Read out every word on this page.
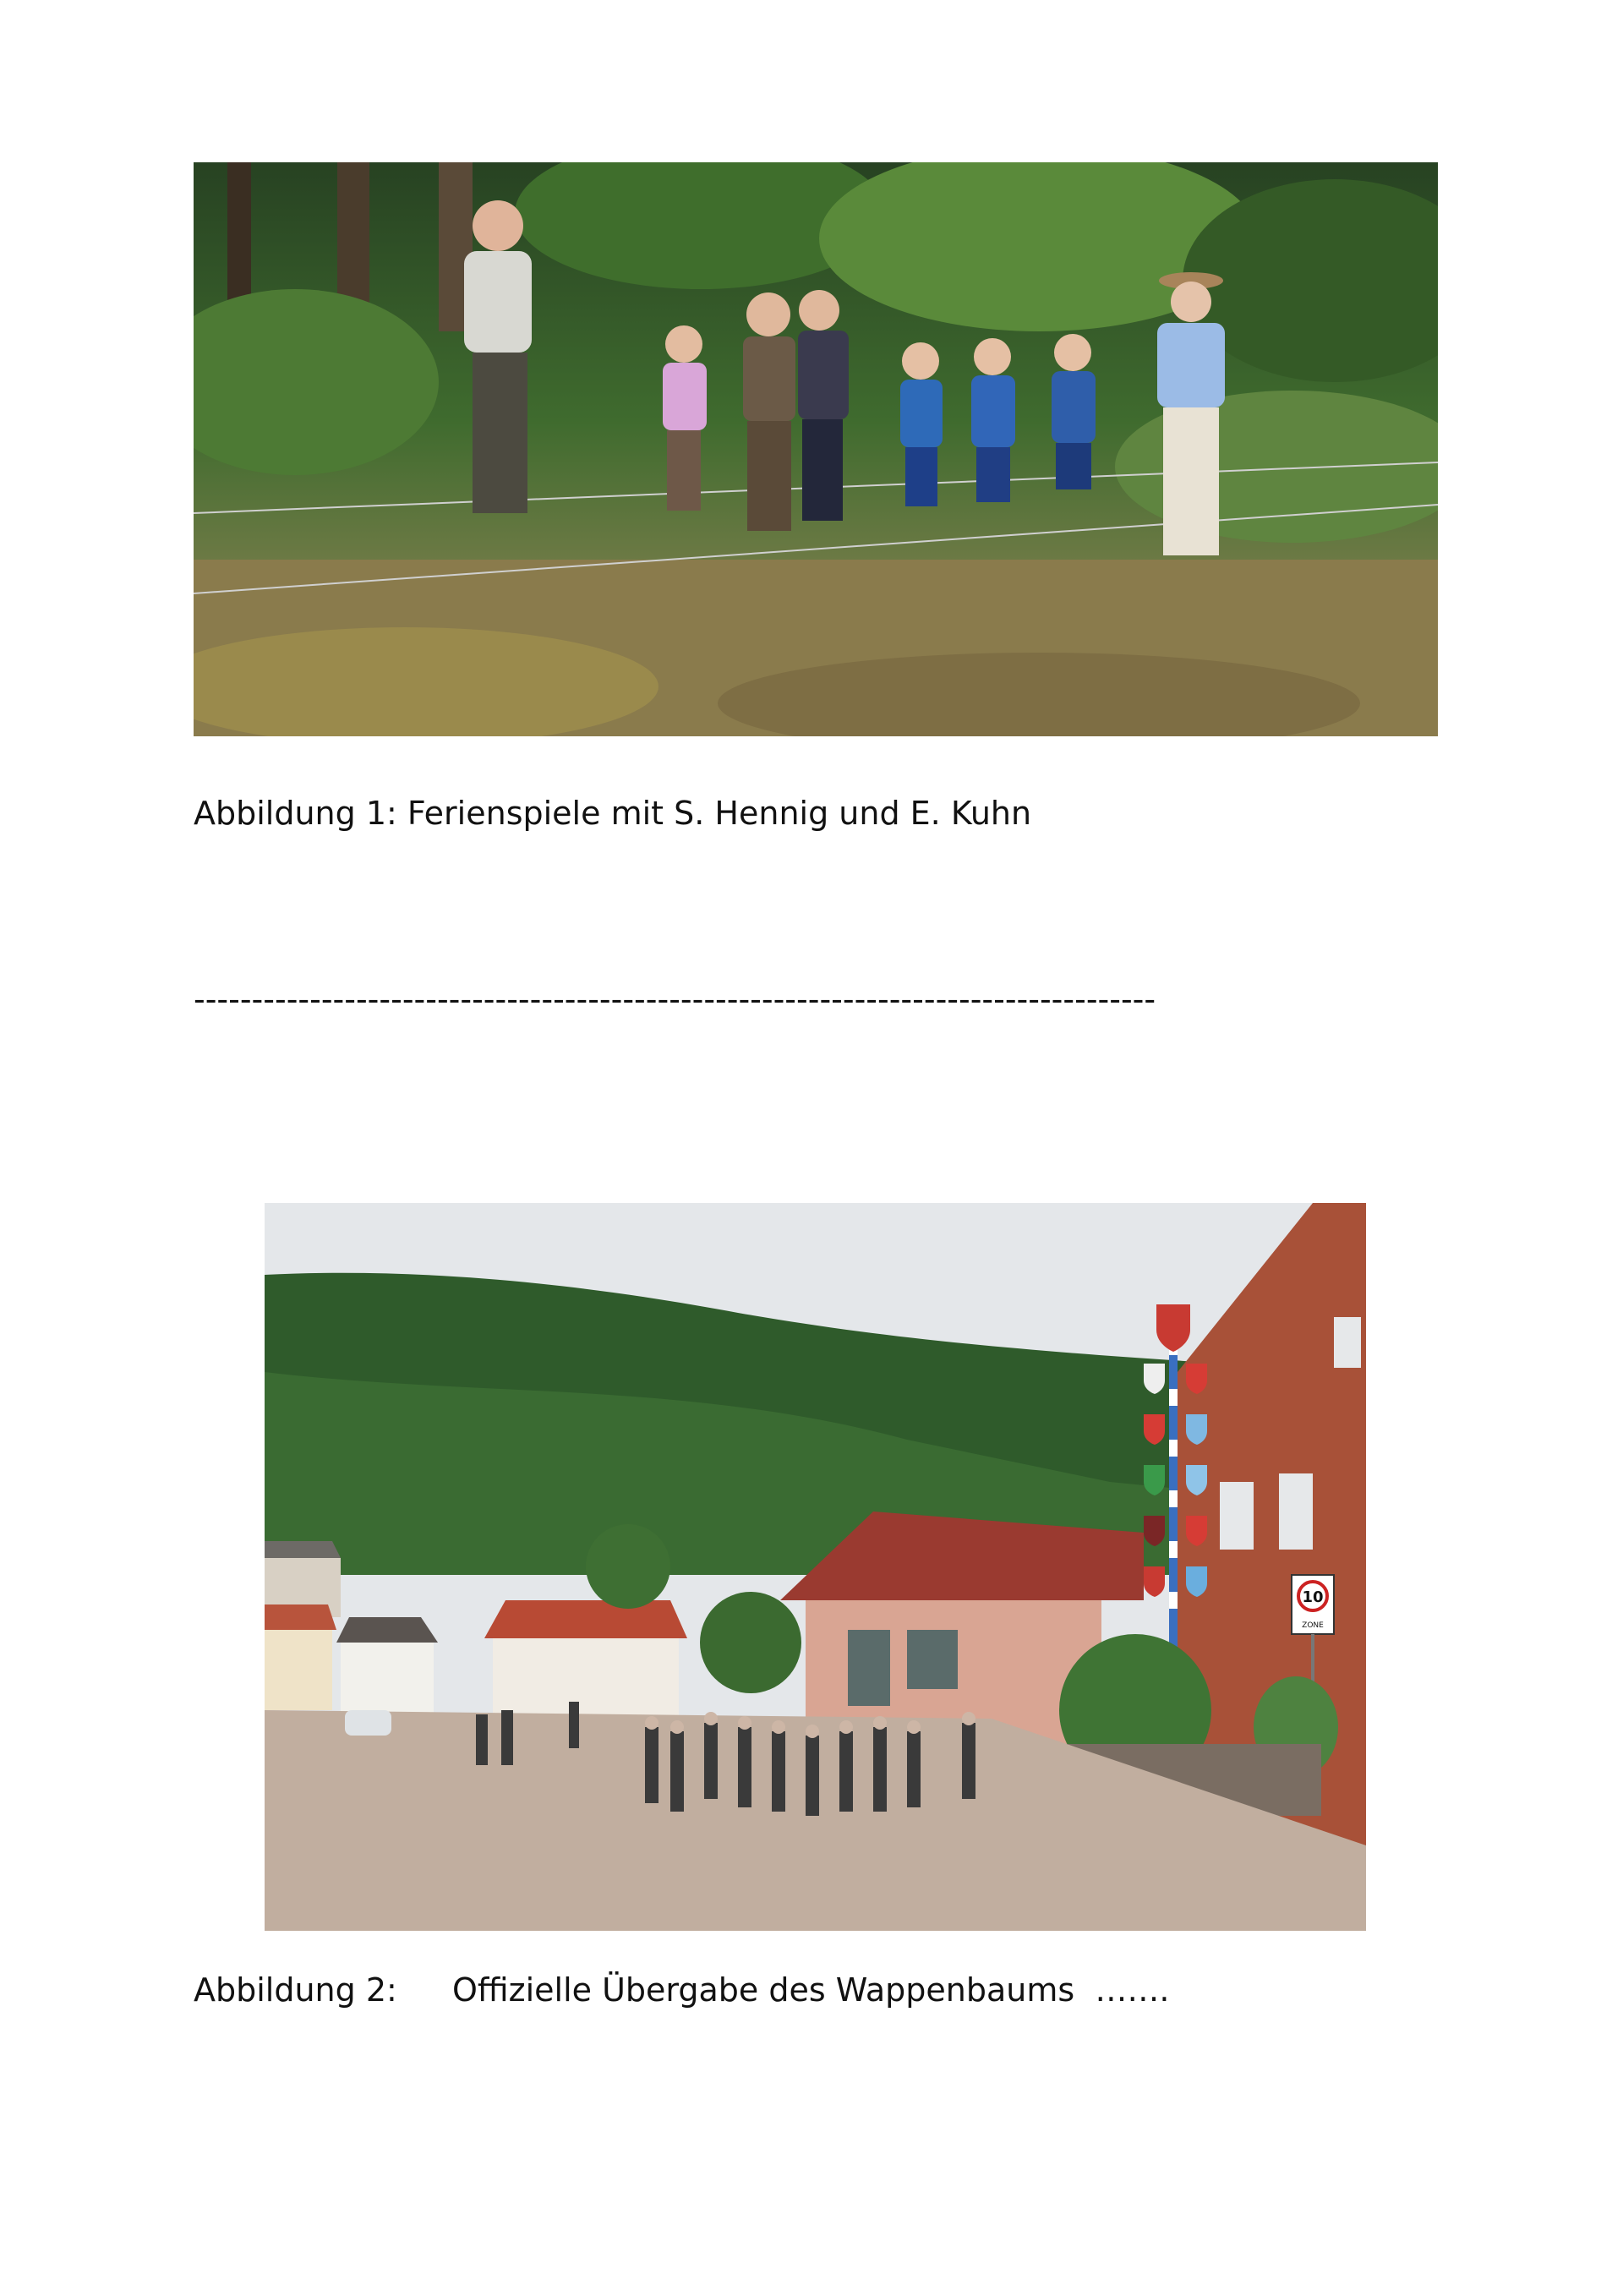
Abbildung 1: Ferienspiele mit S. Hennig und E. Kuhn
-----------------------------------------------------------------------------------
10
ZONE
Abbildung 2: Offizielle Übergabe des Wappenbaums  …….
